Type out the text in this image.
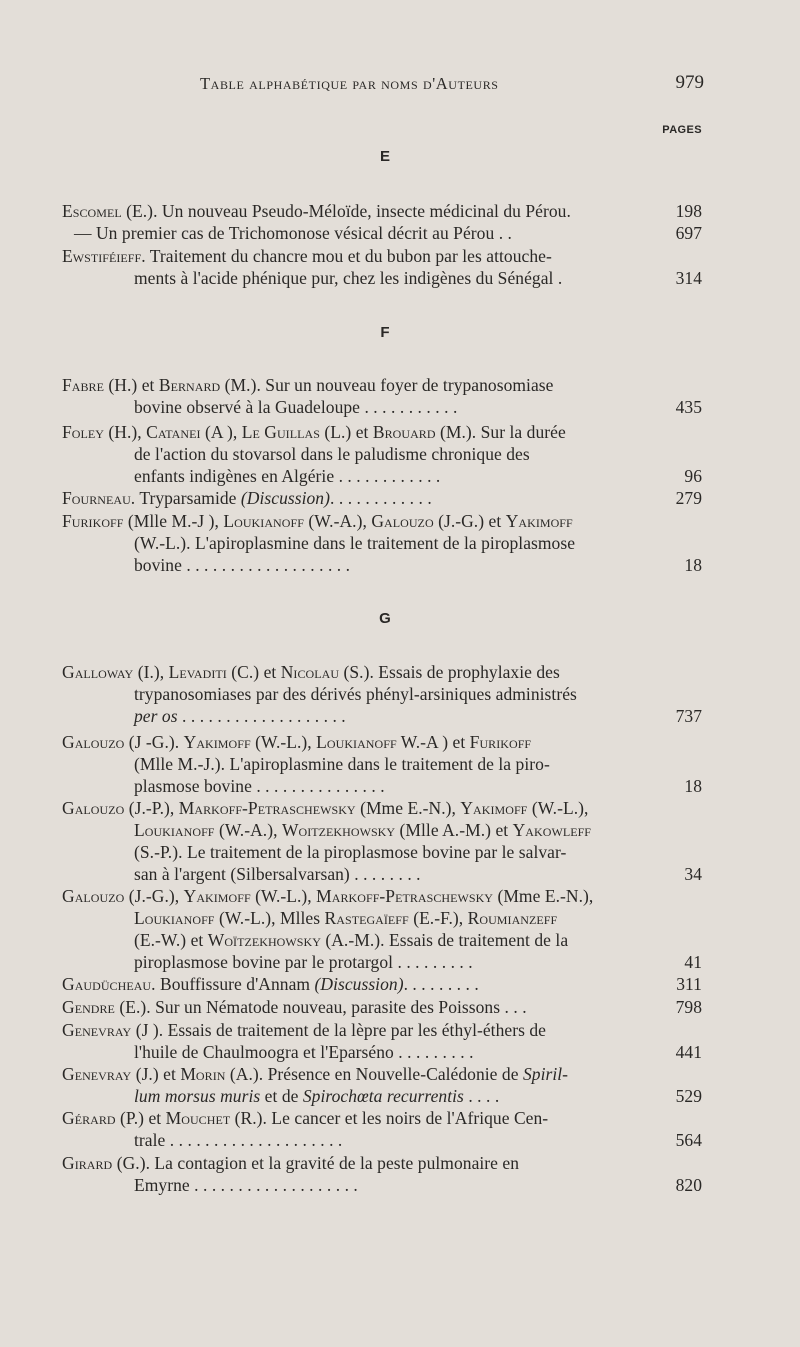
Table alphabétique par noms d'Auteurs	979
PAGES
E
Escomel (E.). Un nouveau Pseudo-Méloïde, insecte médicinal du Pérou.	198
— Un premier cas de Trichomonose vésical décrit au Pérou . .	697
Ewstiféieff. Traitement du chancre mou et du bubon par les attouche-
ments à l'acide phénique pur, chez les indigènes du Sénégal .	314
F
Fabre (H.) et Bernard (M.). Sur un nouveau foyer de trypanosomiase
bovine observé à la Guadeloupe . . . . . . . . . . .	435
Foley (H.), Catanei (A ), Le Guillas (L.) et Brouard (M.). Sur la durée
de l'action du stovarsol dans le paludisme chronique des
enfants indigènes en Algérie . . . . . . . . . . . .	96
Fourneau. Tryparsamide (Discussion). . . . . . . . . . . .	279
Furikoff (Mlle M.-J ), Loukianoff (W.-A.), Galouzo (J.-G.) et Yakimoff
(W.-L.). L'apiroplasmine dans le traitement de la piroplasmose
bovine . . . . . . . . . . . . . . . . . . .	18
G
Galloway (I.), Levaditi (C.) et Nicolau (S.). Essais de prophylaxie des
trypanosomiases par des dérivés phényl-arsiniques administrés
per os . . . . . . . . . . . . . . . . . . .	737
Galouzo (J -G.). Yakimoff (W.-L.), Loukianoff W.-A ) et Furikoff
(Mlle M.-J.). L'apiroplasmine dans le traitement de la piro-
plasmose bovine . . . . . . . . . . . . . . .	18
Galouzo (J.-P.), Markoff-Petraschewsky (Mme E.-N.), Yakimoff (W.-L.),
Loukianoff (W.-A.), Woitzekhowsky (Mlle A.-M.) et Yakowleff
(S.-P.). Le traitement de la piroplasmose bovine par le salvar-
san à l'argent (Silbersalvarsan) . . . . . . . .	34
Galouzo (J.-G.), Yakimoff (W.-L.), Markoff-Petraschewsky (Mme E.-N.),
Loukianoff (W.-L.), Mlles Rastegaïeff (E.-F.), Roumianzeff
(E.-W.) et Woïtzekhowsky (A.-M.). Essais de traitement de la
piroplasmose bovine par le protargol . . . . . . . . .	41
Gaudücheau. Bouffissure d'Annam (Discussion). . . . . . . . .	311
Gendre (E.). Sur un Nématode nouveau, parasite des Poissons . . .	798
Genevray (J ). Essais de traitement de la lèpre par les éthyl-éthers de
l'huile de Chaulmoogra et l'Eparséno . . . . . . . . .	441
Genevray (J.) et Morin (A.). Présence en Nouvelle-Calédonie de Spiril-
lum morsus muris et de Spirochœta recurrentis . . . .	529
Gérard (P.) et Mouchet (R.). Le cancer et les noirs de l'Afrique Cen-
trale . . . . . . . . . . . . . . . . . . . .	564
Girard (G.). La contagion et la gravité de la peste pulmonaire en
Emyrne . . . . . . . . . . . . . . . . . . .	820
